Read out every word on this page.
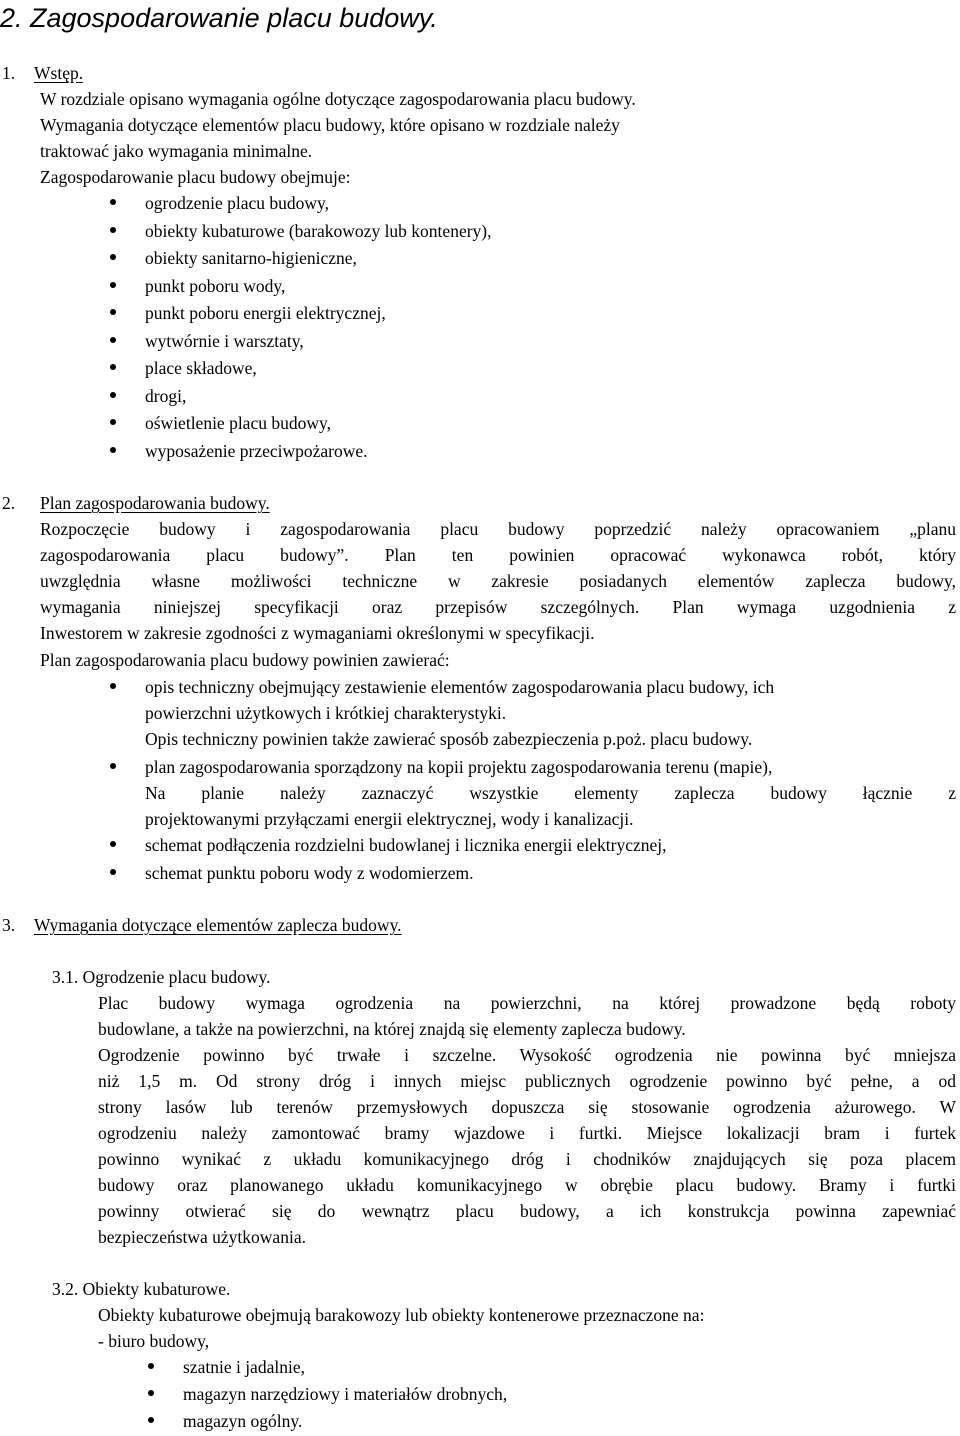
2. Zagospodarowanie placu budowy.
1. Wstęp.
W rozdziale opisano wymagania ogólne dotyczące zagospodarowania placu budowy.
Wymagania dotyczące elementów placu budowy, które opisano w rozdziale należy
traktować jako wymagania minimalne.
Zagospodarowanie placu budowy obejmuje:
ogrodzenie placu budowy,
obiekty kubaturowe (barakowozy lub kontenery),
obiekty sanitarno-higieniczne,
punkt poboru wody,
punkt poboru energii elektrycznej,
wytwórnie i warsztaty,
place składowe,
drogi,
oświetlenie placu budowy,
wyposażenie przeciwpożarowe.
2. Plan zagospodarowania budowy.
Rozpoczęcie budowy i zagospodarowania placu budowy poprzedzić należy opracowaniem „planu
zagospodarowania placu budowy”. Plan ten powinien opracować wykonawca robót, który
uwzględnia własne możliwości techniczne w zakresie posiadanych elementów zaplecza budowy,
wymagania niniejszej specyfikacji oraz przepisów szczególnych. Plan wymaga uzgodnienia z
Inwestorem w zakresie zgodności z wymaganiami określonymi w specyfikacji.
Plan zagospodarowania placu budowy powinien zawierać:
opis techniczny obejmujący zestawienie elementów zagospodarowania placu budowy, ich
powierzchni użytkowych i krótkiej charakterystyki.
Opis techniczny powinien także zawierać sposób zabezpieczenia p.poż. placu budowy.
plan zagospodarowania sporządzony na kopii projektu zagospodarowania terenu (mapie),
Na planie należy zaznaczyć wszystkie elementy zaplecza budowy łącznie z
projektowanymi przyłączami energii elektrycznej, wody i kanalizacji.
schemat podłączenia rozdzielni budowlanej i licznika energii elektrycznej,
schemat punktu poboru wody z wodomierzem.
3. Wymagania dotyczące elementów zaplecza budowy.
3.1. Ogrodzenie placu budowy.
Plac budowy wymaga ogrodzenia na powierzchni, na której prowadzone będą roboty
budowlane, a także na powierzchni, na której znajdą się elementy zaplecza budowy.
Ogrodzenie powinno być trwałe i szczelne. Wysokość ogrodzenia nie powinna być mniejsza
niż 1,5 m. Od strony dróg i innych miejsc publicznych ogrodzenie powinno być pełne, a od
strony lasów lub terenów przemysłowych dopuszcza się stosowanie ogrodzenia ażurowego. W
ogrodzeniu należy zamontować bramy wjazdowe i furtki. Miejsce lokalizacji bram i furtek
powinno wynikać z układu komunikacyjnego dróg i chodników znajdujących się poza placem
budowy oraz planowanego układu komunikacyjnego w obrębie placu budowy. Bramy i furtki
powinny otwierać się do wewnątrz placu budowy, a ich konstrukcja powinna zapewniać
bezpieczeństwa użytkowania.
3.2. Obiekty kubaturowe.
Obiekty kubaturowe obejmują barakowozy lub obiekty kontenerowe przeznaczone na:
- biuro budowy,
szatnie i jadalnie,
magazyn narzędziowy i materiałów drobnych,
magazyn ogólny.
